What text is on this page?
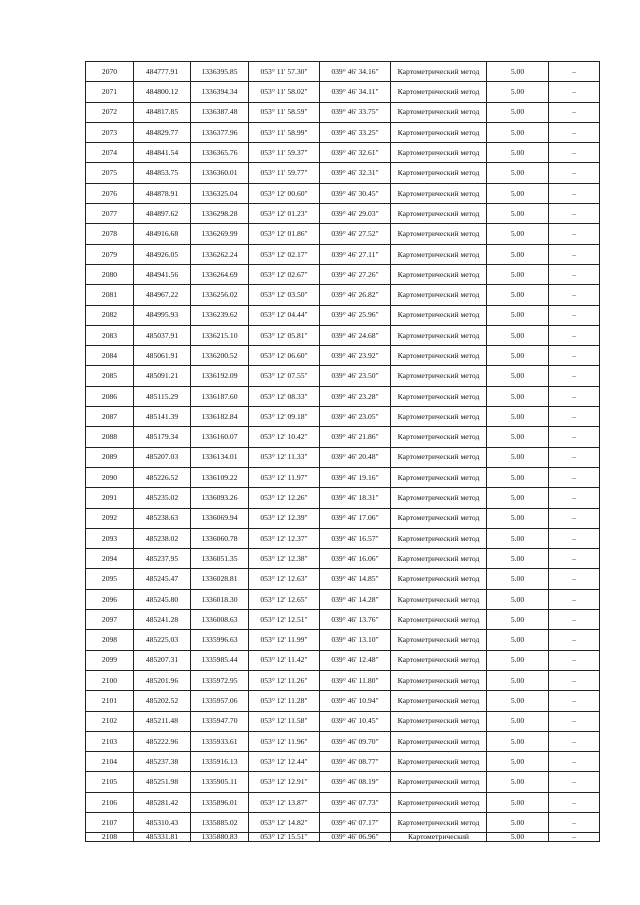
2070	484777.91	1336395.85	053° 11' 57.30"	039° 46' 34.16"	Картометрический метод	5.00	–
2071	484800.12	1336394.34	053° 11' 58.02"	039° 46' 34.11"	Картометрический метод	5.00	–
2072	484817.85	1336387.48	053° 11' 58.59"	039° 46' 33.75"	Картометрический метод	5.00	–
2073	484829.77	1336377.96	053° 11' 58.99"	039° 46' 33.25"	Картометрический метод	5.00	–
2074	484841.54	1336365.76	053° 11' 59.37"	039° 46' 32.61"	Картометрический метод	5.00	–
2075	484853.75	1336360.01	053° 11' 59.77"	039° 46' 32.31"	Картометрический метод	5.00	–
2076	484878.91	1336325.04	053° 12' 00.60"	039° 46' 30.45"	Картометрический метод	5.00	–
2077	484897.62	1336298.28	053° 12' 01.23"	039° 46' 29.03"	Картометрический метод	5.00	–
2078	484916.68	1336269.99	053° 12' 01.86"	039° 46' 27.52"	Картометрический метод	5.00	–
2079	484926.05	1336262.24	053° 12' 02.17"	039° 46' 27.11"	Картометрический метод	5.00	–
2080	484941.56	1336264.69	053° 12' 02.67"	039° 46' 27.26"	Картометрический метод	5.00	–
2081	484967.22	1336256.02	053° 12' 03.50"	039° 46' 26.82"	Картометрический метод	5.00	–
2082	484995.93	1336239.62	053° 12' 04.44"	039° 46' 25.96"	Картометрический метод	5.00	–
2083	485037.91	1336215.10	053° 12' 05.81"	039° 46' 24.68"	Картометрический метод	5.00	–
2084	485061.91	1336200.52	053° 12' 06.60"	039° 46' 23.92"	Картометрический метод	5.00	–
2085	485091.21	1336192.09	053° 12' 07.55"	039° 46' 23.50"	Картометрический метод	5.00	–
2086	485115.29	1336187.60	053° 12' 08.33"	039° 46' 23.28"	Картометрический метод	5.00	–
2087	485141.39	1336182.84	053° 12' 09.18"	039° 46' 23.05"	Картометрический метод	5.00	–
2088	485179.34	1336160.07	053° 12' 10.42"	039° 46' 21.86"	Картометрический метод	5.00	–
2089	485207.03	1336134.01	053° 12' 11.33"	039° 46' 20.48"	Картометрический метод	5.00	–
2090	485226.52	1336109.22	053° 12' 11.97"	039° 46' 19.16"	Картометрический метод	5.00	–
2091	485235.02	1336093.26	053° 12' 12.26"	039° 46' 18.31"	Картометрический метод	5.00	–
2092	485238.63	1336069.94	053° 12' 12.39"	039° 46' 17.06"	Картометрический метод	5.00	–
2093	485238.02	1336060.78	053° 12' 12.37"	039° 46' 16.57"	Картометрический метод	5.00	–
2094	485237.95	1336051.35	053° 12' 12.38"	039° 46' 16.06"	Картометрический метод	5.00	–
2095	485245.47	1336028.81	053° 12' 12.63"	039° 46' 14.85"	Картометрический метод	5.00	–
2096	485245.80	1336018.30	053° 12' 12.65"	039° 46' 14.28"	Картометрический метод	5.00	–
2097	485241.28	1336008.63	053° 12' 12.51"	039° 46' 13.76"	Картометрический метод	5.00	–
2098	485225.03	1335996.63	053° 12' 11.99"	039° 46' 13.10"	Картометрический метод	5.00	–
2099	485207.31	1335985.44	053° 12' 11.42"	039° 46' 12.48"	Картометрический метод	5.00	–
2100	485201.96	1335972.95	053° 12' 11.26"	039° 46' 11.80"	Картометрический метод	5.00	–
2101	485202.52	1335957.06	053° 12' 11.28"	039° 46' 10.94"	Картометрический метод	5.00	–
2102	485211.48	1335947.70	053° 12' 11.58"	039° 46' 10.45"	Картометрический метод	5.00	–
2103	485222.96	1335933.61	053° 12' 11.96"	039° 46' 09.70"	Картометрический метод	5.00	–
2104	485237.38	1335916.13	053° 12' 12.44"	039° 46' 08.77"	Картометрический метод	5.00	–
2105	485251.98	1335905.11	053° 12' 12.91"	039° 46' 08.19"	Картометрический метод	5.00	–
2106	485281.42	1335896.01	053° 12' 13.87"	039° 46' 07.73"	Картометрический метод	5.00	–
2107	485310.43	1335885.02	053° 12' 14.82"	039° 46' 07.17"	Картометрический метод	5.00	–
2108	485331.81	1335880.83	053° 12' 15.51"	039° 46' 06.96"	Картометрический	5.00	–
